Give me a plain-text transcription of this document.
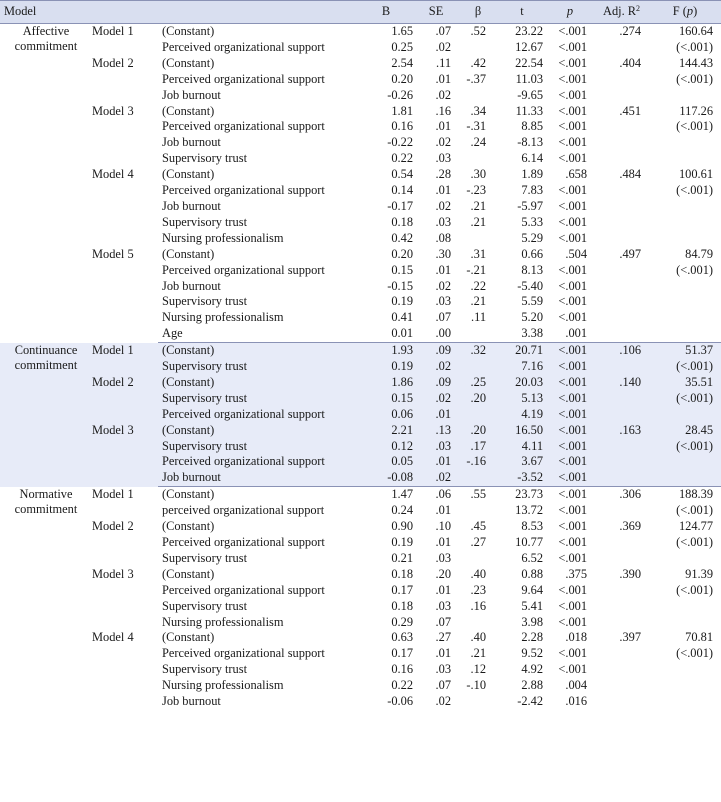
Model			B	SE	β	t	p	Adj. $R^2$	F (p)
Affective commitment	Model 1	(Constant)	1.65	.07	.52	23.22	<.001	.274	160.64
		Perceived organizational support	0.25	.02		12.67	<.001		(<.001)
	Model 2	(Constant)	2.54	.11	.42	22.54	<.001	.404	144.43
		Perceived organizational support	0.20	.01	-.37	11.03	<.001		(<.001)
		Job burnout	-0.26	.02		-9.65	<.001		
	Model 3	(Constant)	1.81	.16	.34	11.33	<.001	.451	117.26
		Perceived organizational support	0.16	.01	-.31	8.85	<.001		(<.001)
		Job burnout	-0.22	.02	.24	-8.13	<.001		
		Supervisory trust	0.22	.03		6.14	<.001		
	Model 4	(Constant)	0.54	.28	.30	1.89	.658	.484	100.61
		Perceived organizational support	0.14	.01	-.23	7.83	<.001		(<.001)
		Job burnout	-0.17	.02	.21	-5.97	<.001		
		Supervisory trust	0.18	.03	.21	5.33	<.001		
		Nursing professionalism	0.42	.08		5.29	<.001		
	Model 5	(Constant)	0.20	.30	.31	0.66	.504	.497	84.79
		Perceived organizational support	0.15	.01	-.21	8.13	<.001		(<.001)
		Job burnout	-0.15	.02	.22	-5.40	<.001		
		Supervisory trust	0.19	.03	.21	5.59	<.001		
		Nursing professionalism	0.41	.07	.11	5.20	<.001		
		Age	0.01	.00		3.38	.001		
Continuance commitment	Model 1	(Constant)	1.93	.09	.32	20.71	<.001	.106	51.37
		Supervisory trust	0.19	.02		7.16	<.001		(<.001)
	Model 2	(Constant)	1.86	.09	.25	20.03	<.001	.140	35.51
		Supervisory trust	0.15	.02	.20	5.13	<.001		(<.001)
		Perceived organizational support	0.06	.01		4.19	<.001		
	Model 3	(Constant)	2.21	.13	.20	16.50	<.001	.163	28.45
		Supervisory trust	0.12	.03	.17	4.11	<.001		(<.001)
		Perceived organizational support	0.05	.01	-.16	3.67	<.001		
		Job burnout	-0.08	.02		-3.52	<.001		
Normative commitment	Model 1	(Constant)	1.47	.06	.55	23.73	<.001	.306	188.39
		perceived organizational support	0.24	.01		13.72	<.001		(<.001)
	Model 2	(Constant)	0.90	.10	.45	8.53	<.001	.369	124.77
		Perceived organizational support	0.19	.01	.27	10.77	<.001		(<.001)
		Supervisory trust	0.21	.03		6.52	<.001		
	Model 3	(Constant)	0.18	.20	.40	0.88	.375	.390	91.39
		Perceived organizational support	0.17	.01	.23	9.64	<.001		(<.001)
		Supervisory trust	0.18	.03	.16	5.41	<.001		
		Nursing professionalism	0.29	.07		3.98	<.001		
	Model 4	(Constant)	0.63	.27	.40	2.28	.018	.397	70.81
		Perceived organizational support	0.17	.01	.21	9.52	<.001		(<.001)
		Supervisory trust	0.16	.03	.12	4.92	<.001		
		Nursing professionalism	0.22	.07	-.10	2.88	.004		
		Job burnout	-0.06	.02		-2.42	.016		
